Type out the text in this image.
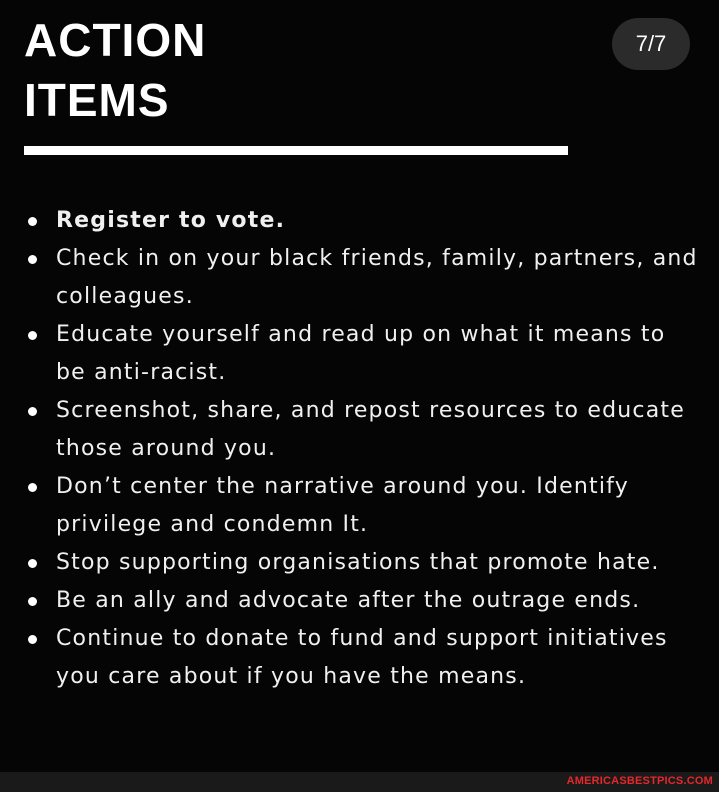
ACTION
ITEMS
7/7
Register to vote.
Check in on your black friends, family, partners, and colleagues.
Educate yourself and read up on what it means to be anti-racist.
Screenshot, share, and repost resources to educate those around you.
Don’t center the narrative around you. Identify privilege and condemn It.
Stop supporting organisations that promote hate.
Be an ally and advocate after the outrage ends.
Continue to donate to fund and support initiatives you care about if you have the means.
AMERICASBESTPICS.COM
